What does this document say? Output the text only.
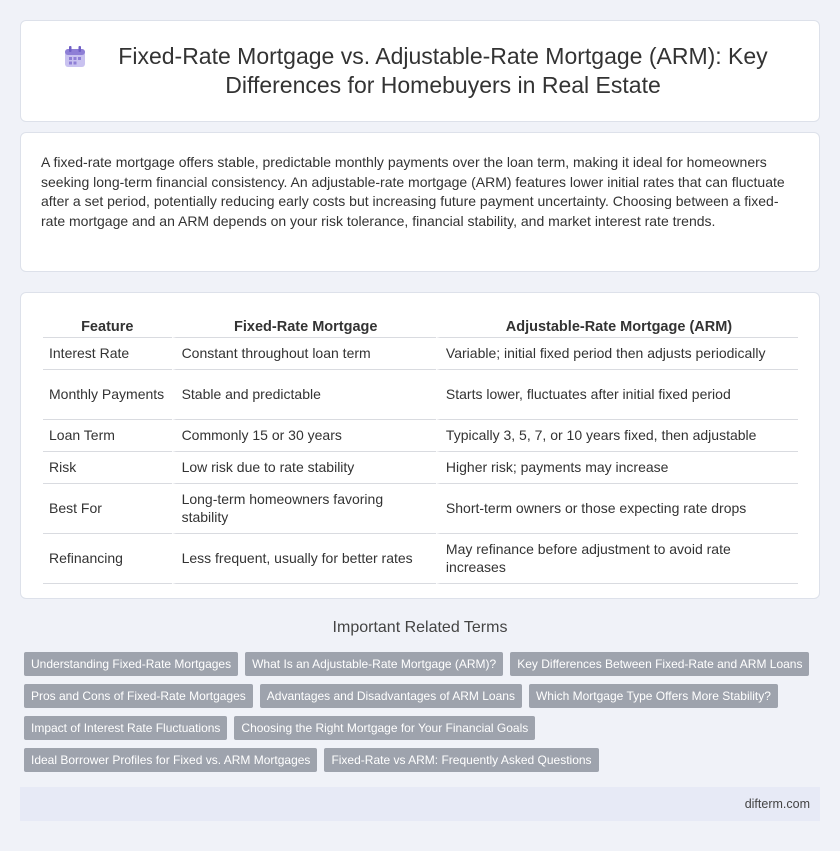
Fixed-Rate Mortgage vs. Adjustable-Rate Mortgage (ARM): Key Differences for Homebuyers in Real Estate

A fixed-rate mortgage offers stable, predictable monthly payments over the loan term, making it ideal for homeowners seeking long-term financial consistency. An adjustable-rate mortgage (ARM) features lower initial rates that can fluctuate after a set period, potentially reducing early costs but increasing future payment uncertainty. Choosing between a fixed-rate mortgage and an ARM depends on your risk tolerance, financial stability, and market interest rate trends.

Feature	Fixed-Rate Mortgage	Adjustable-Rate Mortgage (ARM)
Interest Rate	Constant throughout loan term	Variable; initial fixed period then adjusts periodically
Monthly Payments	Stable and predictable	Starts lower, fluctuates after initial fixed period
Loan Term	Commonly 15 or 30 years	Typically 3, 5, 7, or 10 years fixed, then adjustable
Risk	Low risk due to rate stability	Higher risk; payments may increase
Best For	Long-term homeowners favoring stability	Short-term owners or those expecting rate drops
Refinancing	Less frequent, usually for better rates	May refinance before adjustment to avoid rate increases
Important Related Terms
Understanding Fixed-Rate Mortgages	What Is an Adjustable-Rate Mortgage (ARM)?	Key Differences Between Fixed-Rate and ARM Loans
Pros and Cons of Fixed-Rate Mortgages	Advantages and Disadvantages of ARM Loans	Which Mortgage Type Offers More Stability?
Impact of Interest Rate Fluctuations	Choosing the Right Mortgage for Your Financial Goals
Ideal Borrower Profiles for Fixed vs. ARM Mortgages	Fixed-Rate vs ARM: Frequently Asked Questions
difterm.com
